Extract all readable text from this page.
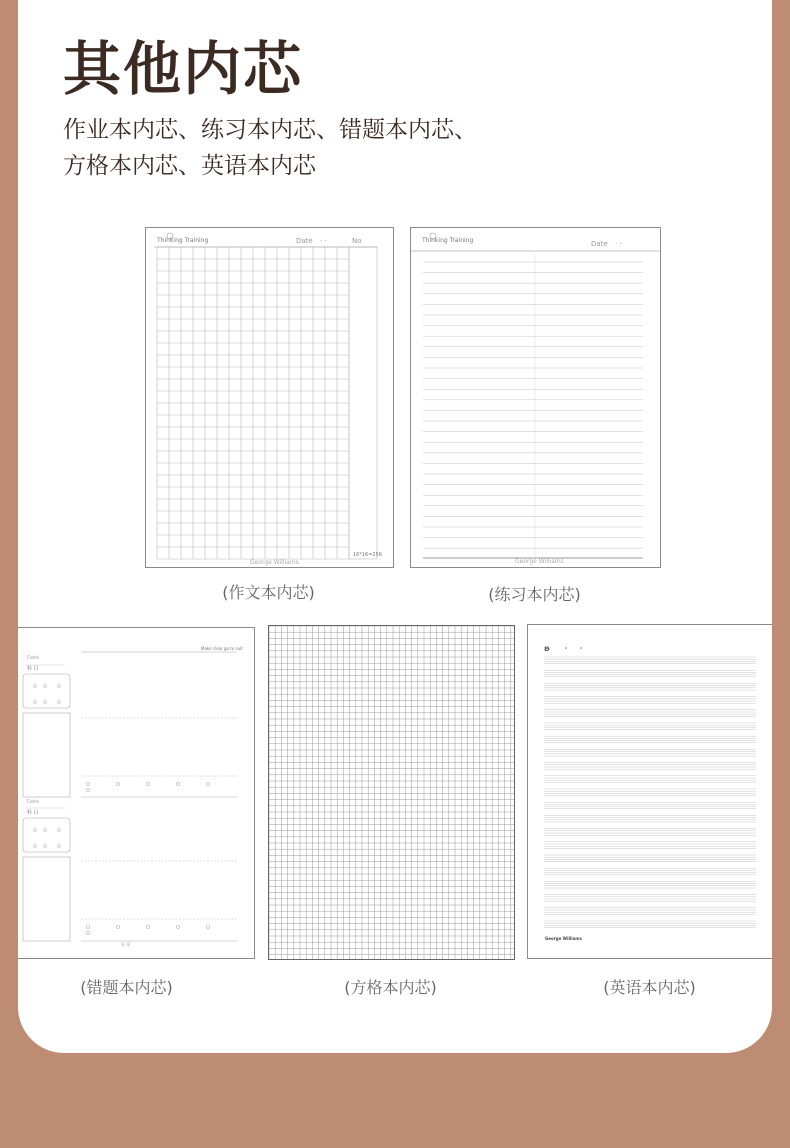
其他内芯
作业本内芯、练习本内芯、错题本内芯、
方格本内芯、英语本内芯
Thinking Training	Date · ·	No
George Williams
16*16=256
(作文本内芯)
Thinking Training	Date · ·
George Williams
(练习本内芯)
Make clear go to suit
Date
科 目
Date
科 目
页 页
(错题本内芯)	(方格本内芯)
ʚ
George Williams
(英语本内芯)
